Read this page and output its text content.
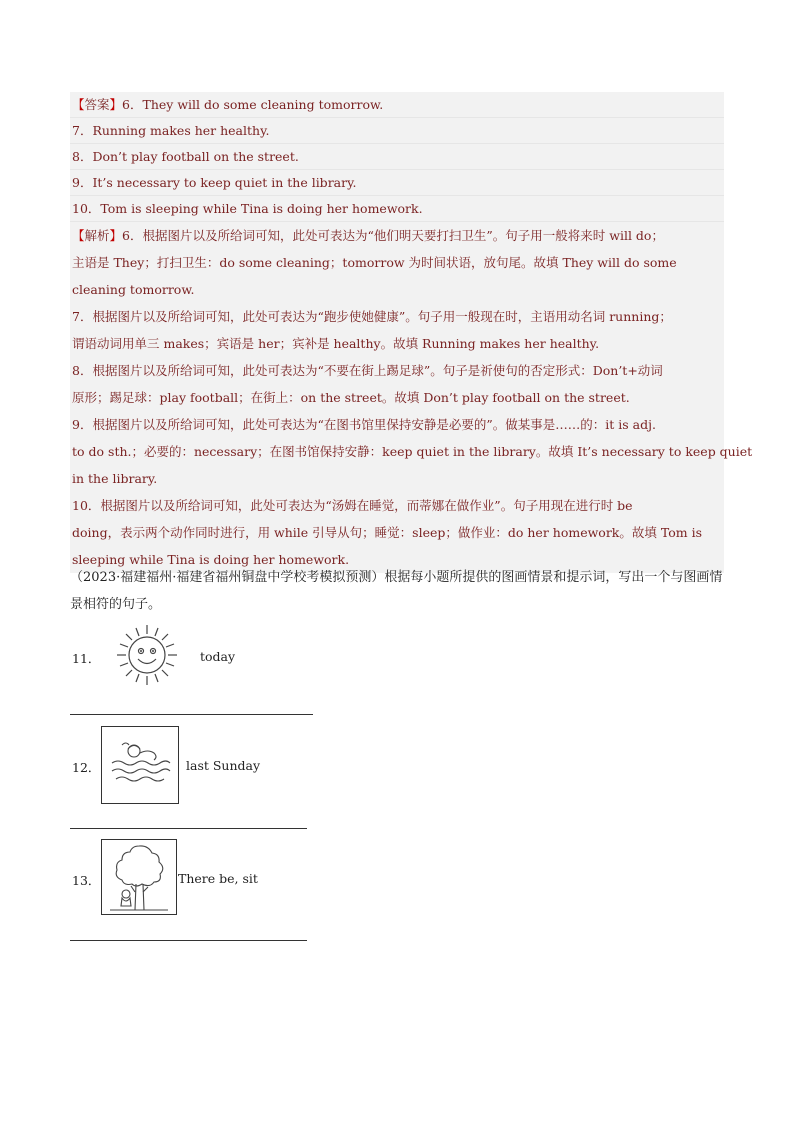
【答案】6．They will do some cleaning tomorrow.
7．Running makes her healthy.
8．Don’t play football on the street.
9．It’s necessary to keep quiet in the library.
10．Tom is sleeping while Tina is doing her homework.
【解析】6．根据图片以及所给词可知，此处可表达为“他们明天要打扫卫生”。句子用一般将来时 will do；
主语是 They；打扫卫生：do some cleaning；tomorrow 为时间状语，放句尾。故填 They will do some
cleaning tomorrow.
7．根据图片以及所给词可知，此处可表达为“跑步使她健康”。句子用一般现在时，主语用动名词 running；
谓语动词用单三 makes；宾语是 her；宾补是 healthy。故填 Running makes her healthy.
8．根据图片以及所给词可知，此处可表达为“不要在街上踢足球”。句子是祈使句的否定形式：Don’t+动词
原形；踢足球：play football；在街上：on the street。故填 Don’t play football on the street.
9．根据图片以及所给词可知，此处可表达为“在图书馆里保持安静是必要的”。做某事是……的：it is adj.
to do sth.；必要的：necessary；在图书馆保持安静：keep quiet in the library。故填 It’s necessary to keep quiet
in the library.
10．根据图片以及所给词可知，此处可表达为“汤姆在睡觉，而蒂娜在做作业”。句子用现在进行时 be
doing，表示两个动作同时进行，用 while 引导从句；睡觉：sleep；做作业：do her homework。故填 Tom is
sleeping while Tina is doing her homework.
（2023·福建福州·福建省福州铜盘中学校考模拟预测）根据每小题所提供的图画情景和提示词，写出一个与图画情景相符的句子。
11．	today
12．	last Sunday
13．	There be, sit
